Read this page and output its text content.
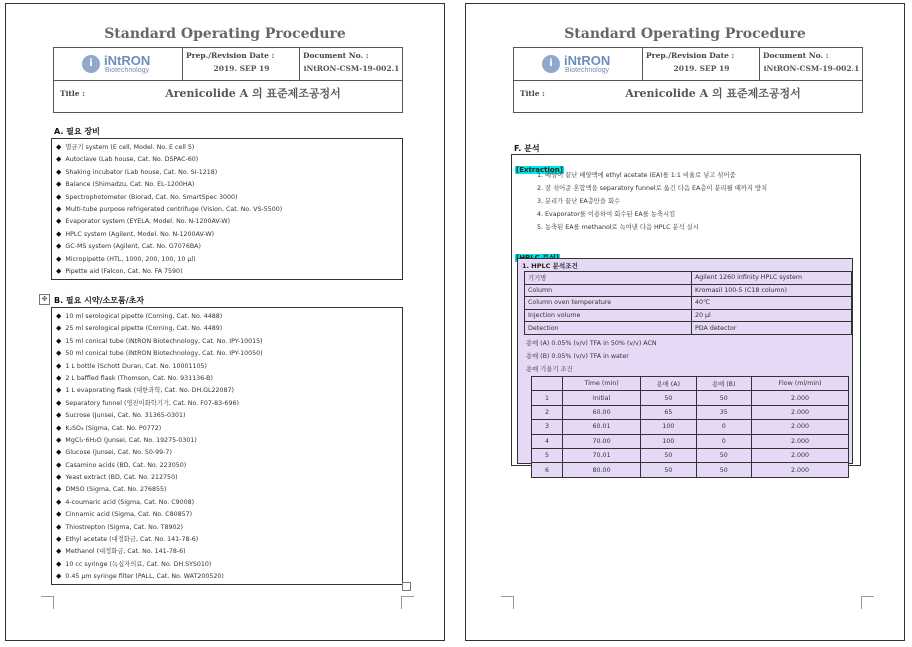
Standard Operating Procedure
i iNtRON
Biotechnology
Prep./Revision Date :
2019. SEP 19
Document No. :
iNtRON-CSM-19-002.1
Title :	Arenicolide A 의 표준제조공정서
A. 필요 장비
◆ 멸균기 system (E cell, Model. No. E cell 5)
◆ Autoclave (Lab house, Cat. No. DSPAC-60)
◆ Shaking incubator (Lab house, Cat. No. SI-1218)
◆ Balance (Shimadzu, Cat. No. EL-1200HA)
◆ Spectrophotometer (Biorad, Cat. No. SmartSpec 3000)
◆ Multi-tube purpose refrigerated centrifuge (Vision, Cat. No. VS-5500)
◆ Evaporator system (EYELA, Model. No. N-1200AV-W)
◆ HPLC system (Agilent, Model. No. N-1200AV-W)
◆ GC-MS system (Agilent, Cat. No. G7076BA)
◆ Micropipette (HTL, 1000, 200, 100, 10 μl)
◆ Pipette aid (Falcon, Cat. No. FA 7590)
✥ B. 필요 시약/소모품/초자
◆ 10 ml serological pipette (Corning, Cat. No. 4488)
◆ 25 ml serological pipette (Corning, Cat. No. 4489)
◆ 15 ml conical tube (iNtRON Biotechnology, Cat. No. IPY-10015)
◆ 50 ml conical tube (iNtRON Biotechnology, Cat. No. IPY-10050)
◆ 1 L bottle (Schott Duran, Cat. No. 10001105)
◆ 2 L baffled flask (Thomson, Cat. No. 931136-B)
◆ 1 L evaporating flask (대한과학, Cat. No. DH.GL22087)
◆ Separatory funnel (영진이화학기기, Cat. No. F07-83-696)
◆ Sucrose (Junsei, Cat. No. 31365-0301)
◆ K₂SO₄ (Sigma, Cat. No. P0772)
◆ MgCl₂·6H₂O (Junsei, Cat. No. 19275-0301)
◆ Glucose (Junsei, Cat. No. 50-99-7)
◆ Casamino acids (BD, Cat. No. 223050)
◆ Yeast extract (BD, Cat. No. 212750)
◆ DMSO (Sigma, Cat. No. 276855)
◆ 4-coumaric acid (Sigma, Cat. No. C9008)
◆ Cinnamic acid (Sigma, Cat. No. C80857)
◆ Thiostrepton (Sigma, Cat. No. T8902)
◆ Ethyl acetate (대정화금, Cat. No. 141-78-6)
◆ Methanol (대정화금, Cat. No. 141-78-6)
◆ 10 cc syringe (녹십자의료, Cat. No. DH.SYS010)
◆ 0.45 μm syringe filter (PALL, Cat. No. WAT200520)
Standard Operating Procedure
i iNtRON
Biotechnology
Prep./Revision Date :
2019. SEP 19
Document No. :
iNtRON-CSM-19-002.1
Title :	Arenicolide A 의 표준제조공정서
F. 분석
[Extraction]
1. 배양이 끝난 배양액에 ethyl acetate (EA)를 1:1 비율로 넣고 섞어줌
2. 잘 섞어준 혼합액을 separatory funnel로 옮긴 다음 EA층이 분리될 때까지 방치
3. 분리가 끝난 EA층만을 회수
4. Evaporator를 이용하여 회수된 EA를 농축시킴
5. 농축된 EA를 methanol로 녹여낸 다음 HPLC 분석 실시
1. HPLC 분석조건
기기명	Agilent 1260 infinity HPLC system
Column	Kromasil 100-5 (C18 column)
Column oven temperature	40℃
Injection volume	20 μl
Detection	PDA detector
용매 (A) 0.05% (v/v) TFA in 50% (v/v) ACN
용매 (B) 0.05% (v/v) TFA in water
용매 기울기 조건
	Time (min)	용매 (A)	용매 (B)	Flow (ml/min)
1	Initial	50	50	2.000
2	60.00	65	35	2.000
3	60.01	100	0	2.000
4	70.00	100	0	2.000
5	70.01	50	50	2.000
6	80.00	50	50	2.000
